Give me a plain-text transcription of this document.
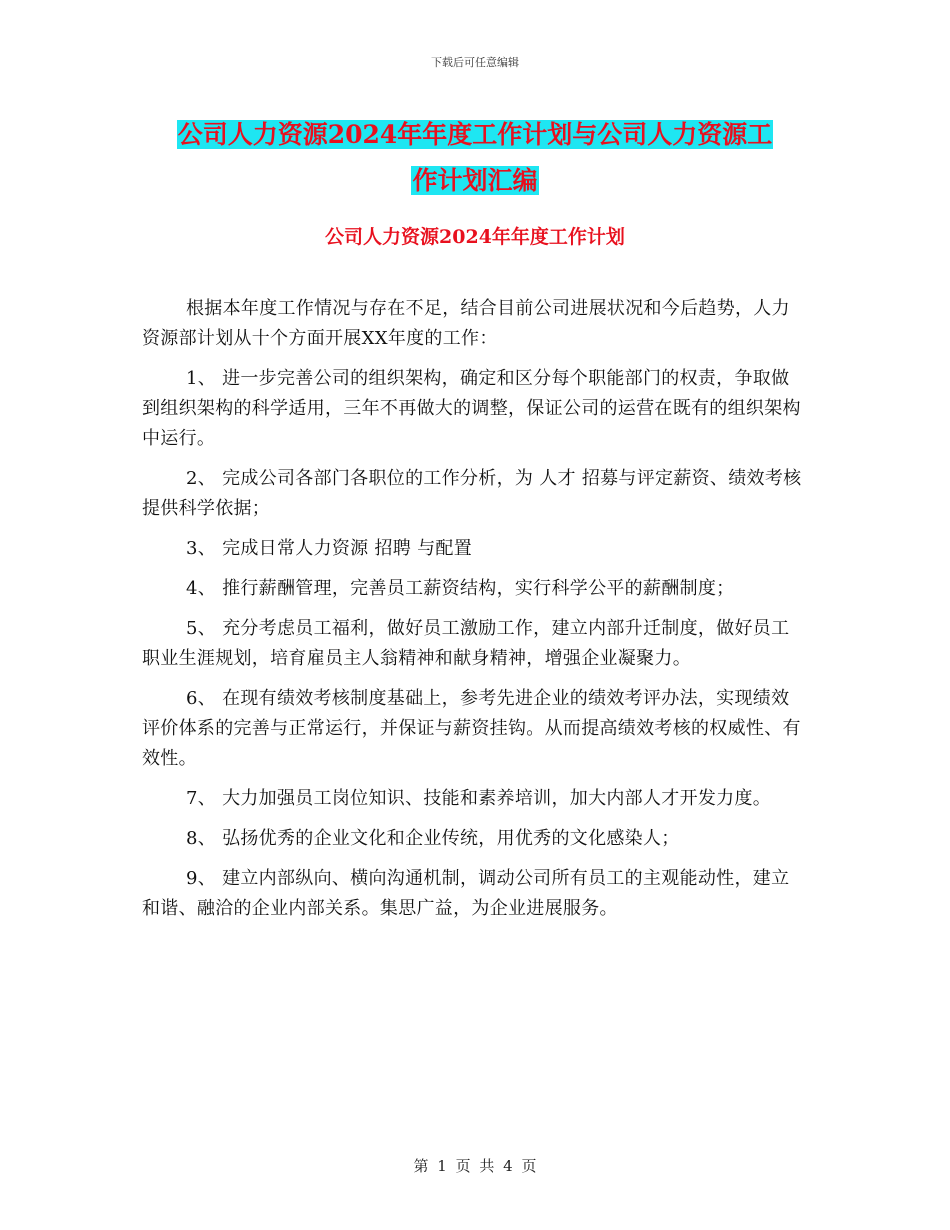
下载后可任意编辑
公司人力资源2024年年度工作计划与公司人力资源工
作计划汇编
公司人力资源2024年年度工作计划

根据本年度工作情况与存在不足，结合目前公司进展状况和今后趋势，人力资源部计划从十个方面开展XX年度的工作：

1、 进一步完善公司的组织架构，确定和区分每个职能部门的权责，争取做到组织架构的科学适用，三年不再做大的调整，保证公司的运营在既有的组织架构中运行。

2、 完成公司各部门各职位的工作分析，为 人才 招募与评定薪资、绩效考核提供科学依据；

3、 完成日常人力资源 招聘 与配置

4、 推行薪酬管理，完善员工薪资结构，实行科学公平的薪酬制度；

5、 充分考虑员工福利，做好员工激励工作，建立内部升迁制度，做好员工职业生涯规划，培育雇员主人翁精神和献身精神，增强企业凝聚力。

6、 在现有绩效考核制度基础上，参考先进企业的绩效考评办法，实现绩效评价体系的完善与正常运行，并保证与薪资挂钩。从而提高绩效考核的权威性、有效性。

7、 大力加强员工岗位知识、技能和素养培训，加大内部人才开发力度。

8、 弘扬优秀的企业文化和企业传统，用优秀的文化感染人；

9、 建立内部纵向、横向沟通机制，调动公司所有员工的主观能动性，建立和谐、融洽的企业内部关系。集思广益，为企业进展服务。

第 1 页 共 4 页
